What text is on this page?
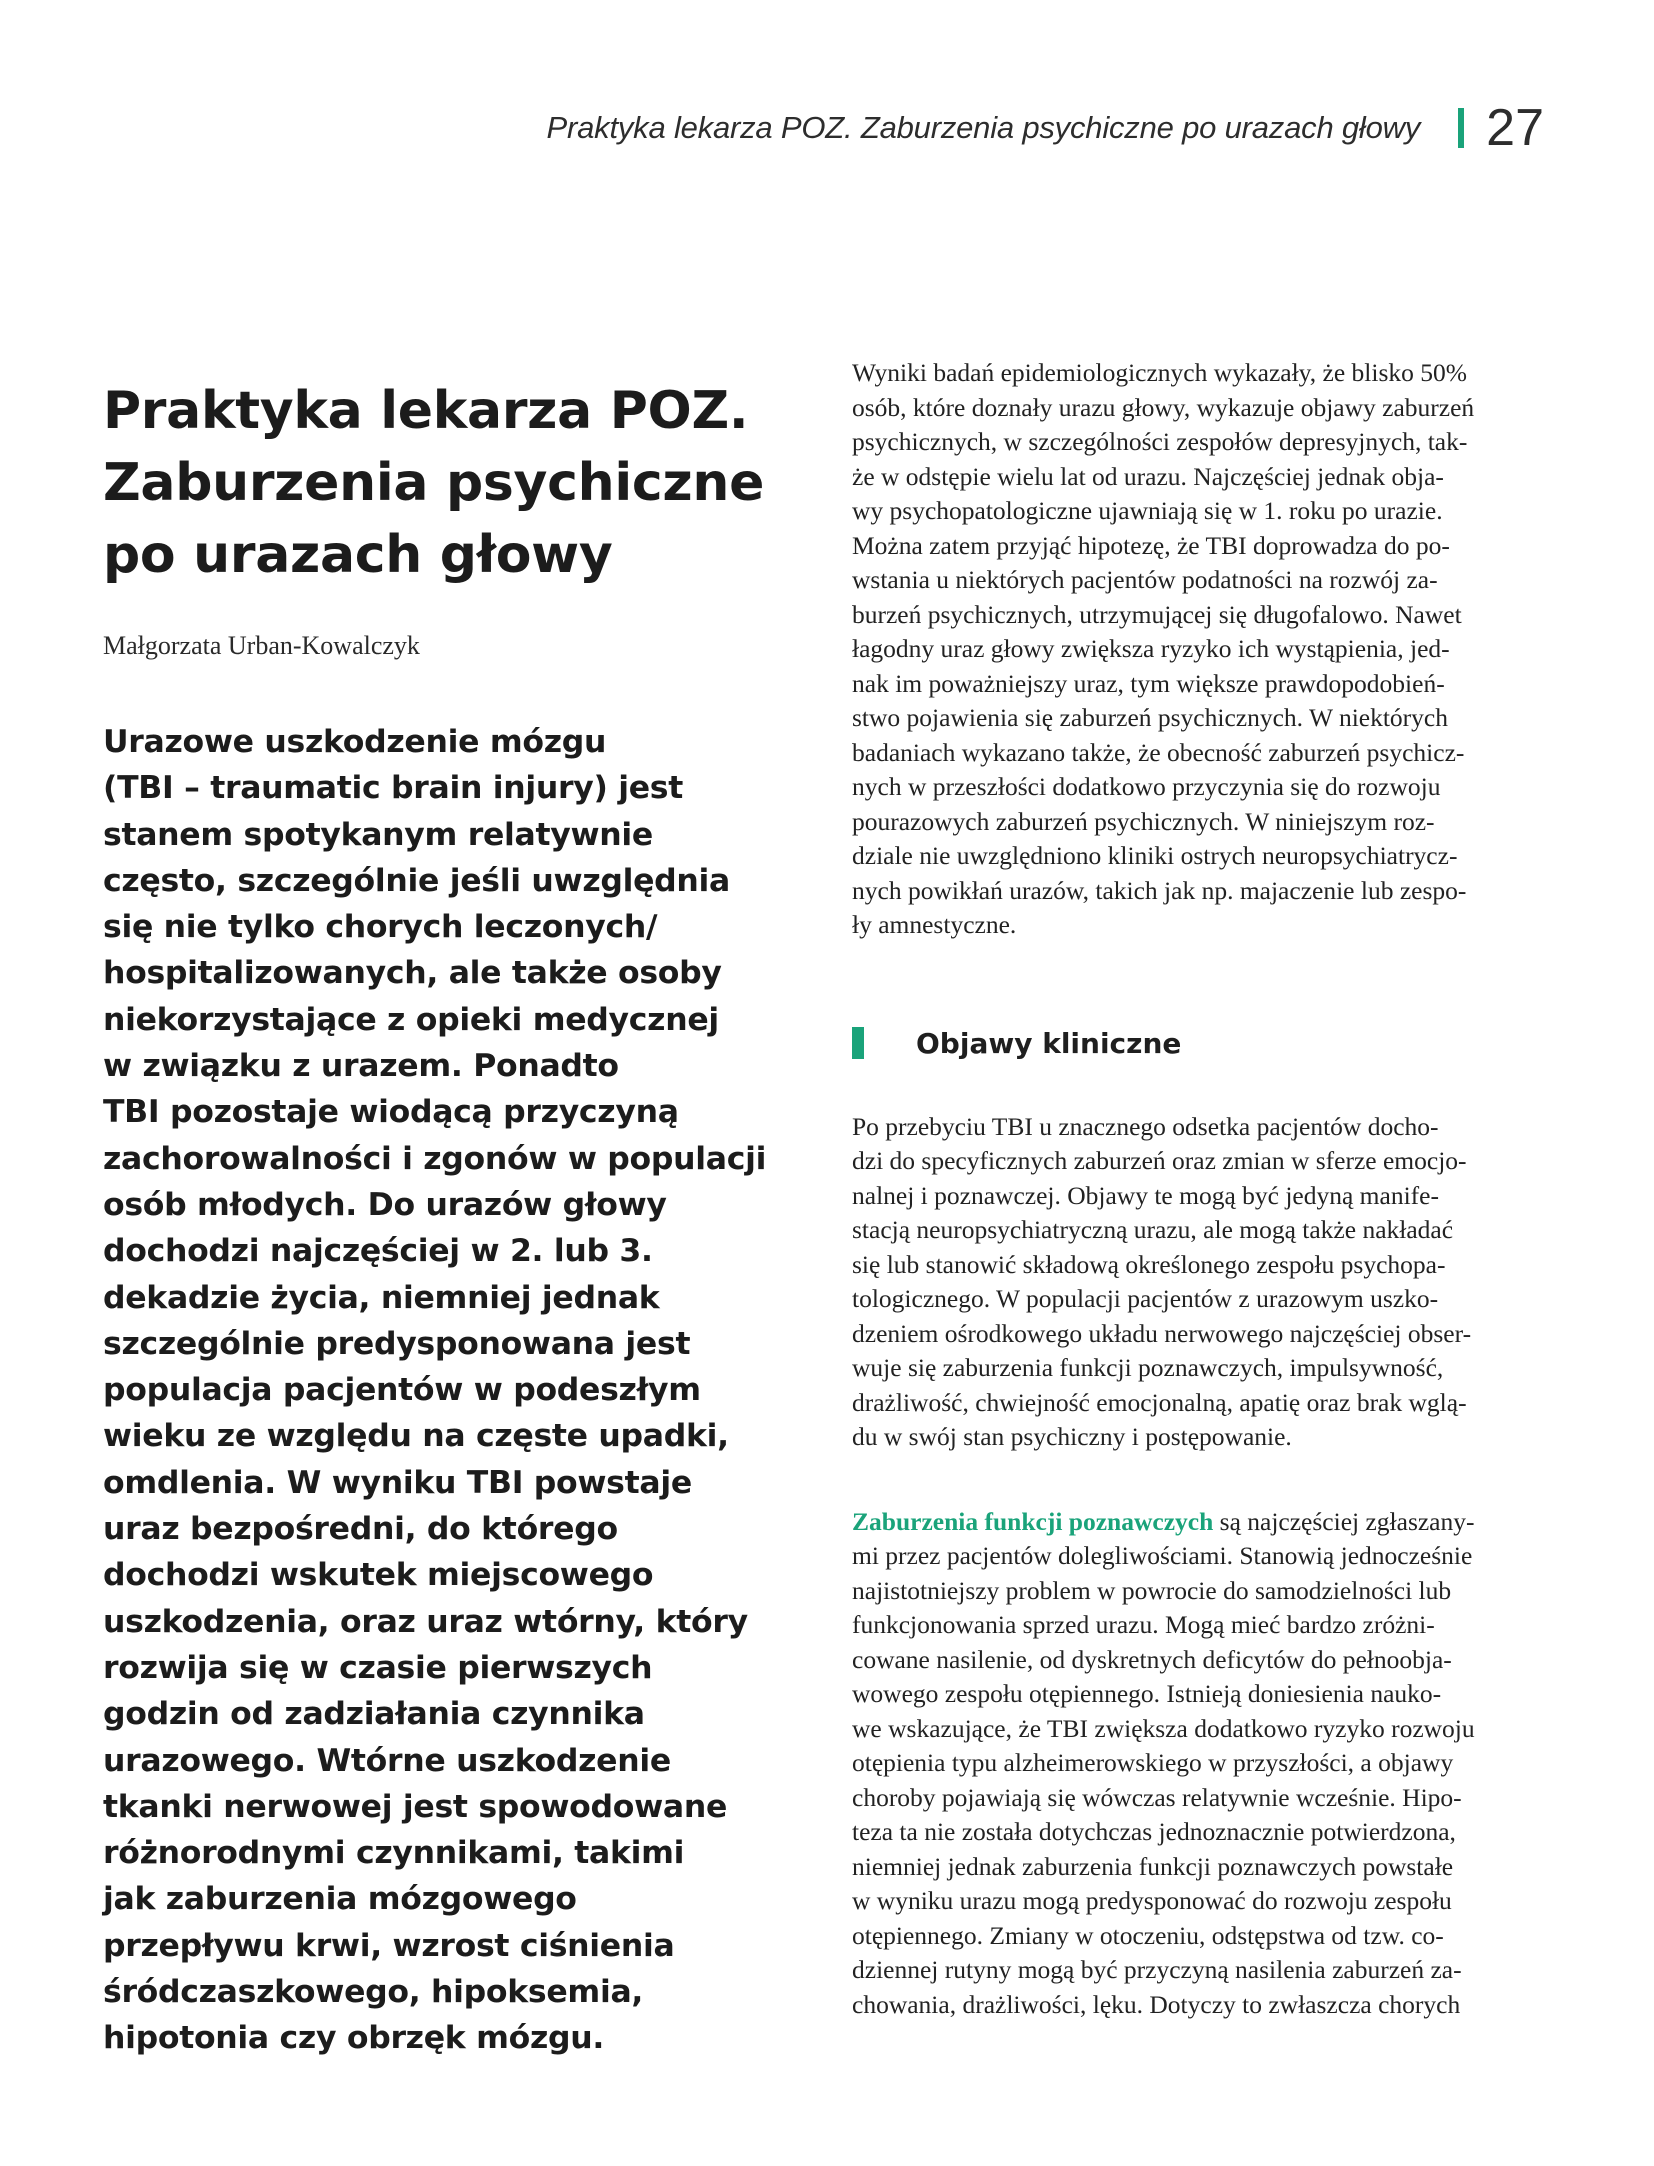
Praktyka lekarza POZ. Zaburzenia psychiczne po urazach głowy 27
Praktyka lekarza POZ.
Zaburzenia psychiczne
po urazach głowy

Małgorzata Urban-Kowalczyk

Urazowe uszkodzenie mózgu
(TBI – traumatic brain injury) jest
stanem spotykanym relatywnie
często, szczególnie jeśli uwzględnia
się nie tylko chorych leczonych/
hospitalizowanych, ale także osoby
niekorzystające z opieki medycznej
w związku z urazem. Ponadto
TBI pozostaje wiodącą przyczyną
zachorowalności i zgonów w populacji
osób młodych. Do urazów głowy
dochodzi najczęściej w 2. lub 3.
dekadzie życia, niemniej jednak
szczególnie predysponowana jest
populacja pacjentów w podeszłym
wieku ze względu na częste upadki,
omdlenia. W wyniku TBI powstaje
uraz bezpośredni, do którego
dochodzi wskutek miejscowego
uszkodzenia, oraz uraz wtórny, który
rozwija się w czasie pierwszych
godzin od zadziałania czynnika
urazowego. Wtórne uszkodzenie
tkanki nerwowej jest spowodowane
różnorodnymi czynnikami, takimi
jak zaburzenia mózgowego
przepływu krwi, wzrost ciśnienia
śródczaszkowego, hipoksemia,
hipotonia czy obrzęk mózgu.

Wyniki badań epidemiologicznych wykazały, że blisko 50%
osób, które doznały urazu głowy, wykazuje objawy zaburzeń
psychicznych, w szczególności zespołów depresyjnych, tak-
że w odstępie wielu lat od urazu. Najczęściej jednak obja-
wy psychopatologiczne ujawniają się w 1. roku po urazie.
Można zatem przyjąć hipotezę, że TBI doprowadza do po-
wstania u niektórych pacjentów podatności na rozwój za-
burzeń psychicznych, utrzymującej się długofalowo. Nawet
łagodny uraz głowy zwiększa ryzyko ich wystąpienia, jed-
nak im poważniejszy uraz, tym większe prawdopodobień-
stwo pojawienia się zaburzeń psychicznych. W niektórych
badaniach wykazano także, że obecność zaburzeń psychicz-
nych w przeszłości dodatkowo przyczynia się do rozwoju
pourazowych zaburzeń psychicznych. W niniejszym roz-
dziale nie uwzględniono kliniki ostrych neuropsychiatrycz-
nych powikłań urazów, takich jak np. majaczenie lub zespo-
ły amnestyczne.

Objawy kliniczne

Po przebyciu TBI u znacznego odsetka pacjentów docho-
dzi do specyficznych zaburzeń oraz zmian w sferze emocjo-
nalnej i poznawczej. Objawy te mogą być jedyną manife-
stacją neuropsychiatryczną urazu, ale mogą także nakładać
się lub stanowić składową określonego zespołu psychopa-
tologicznego. W populacji pacjentów z urazowym uszko-
dzeniem ośrodkowego układu nerwowego najczęściej obser-
wuje się zaburzenia funkcji poznawczych, impulsywność,
drażliwość, chwiejność emocjonalną, apatię oraz brak wglą-
du w swój stan psychiczny i postępowanie.

Zaburzenia funkcji poznawczych są najczęściej zgłaszany-
mi przez pacjentów dolegliwościami. Stanowią jednocześnie
najistotniejszy problem w powrocie do samodzielności lub
funkcjonowania sprzed urazu. Mogą mieć bardzo zróżni-
cowane nasilenie, od dyskretnych deficytów do pełnoobja-
wowego zespołu otępiennego. Istnieją doniesienia nauko-
we wskazujące, że TBI zwiększa dodatkowo ryzyko rozwoju
otępienia typu alzheimerowskiego w przyszłości, a objawy
choroby pojawiają się wówczas relatywnie wcześnie. Hipo-
teza ta nie została dotychczas jednoznacznie potwierdzona,
niemniej jednak zaburzenia funkcji poznawczych powstałe
w wyniku urazu mogą predysponować do rozwoju zespołu
otępiennego. Zmiany w otoczeniu, odstępstwa od tzw. co-
dziennej rutyny mogą być przyczyną nasilenia zaburzeń za-
chowania, drażliwości, lęku. Dotyczy to zwłaszcza chorych
